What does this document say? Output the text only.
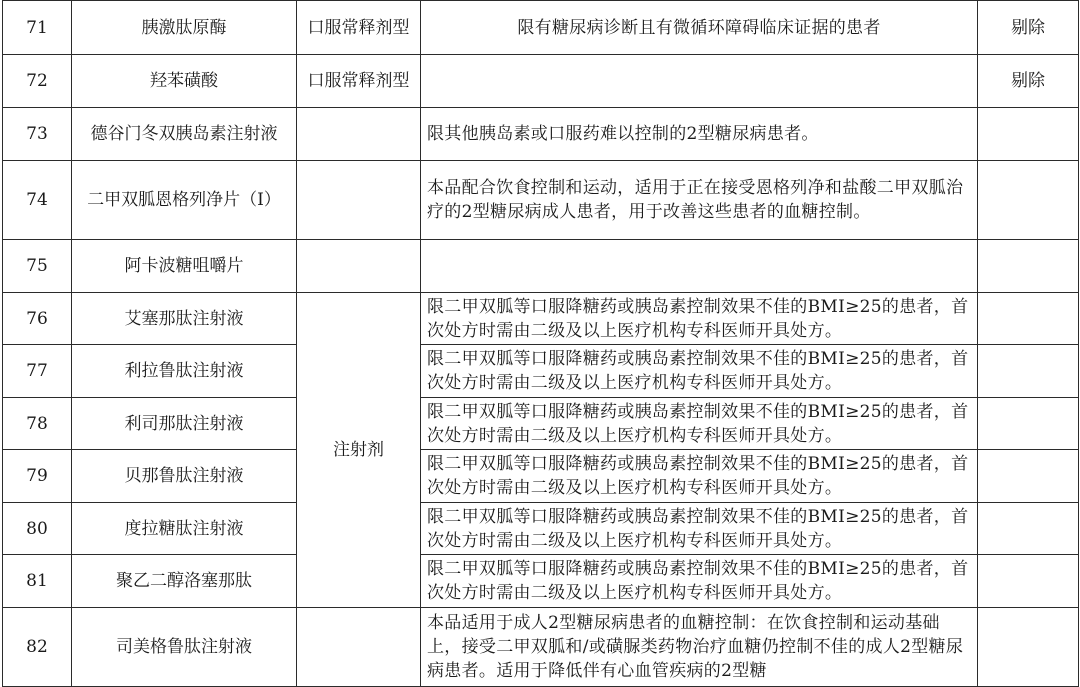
71	胰激肽原酶	口服常释剂型	限有糖尿病诊断且有微循环障碍临床证据的患者	剔除
72	羟苯磺酸	口服常释剂型		剔除
73	德谷门冬双胰岛素注射液		限其他胰岛素或口服药难以控制的2型糖尿病患者。	
74	二甲双胍恩格列净片（Ⅰ）		本品配合饮食控制和运动，适用于正在接受恩格列净和盐酸二甲双胍治疗的2型糖尿病成人患者，用于改善这些患者的血糖控制。	
75	阿卡波糖咀嚼片			
76	艾塞那肽注射液	注射剂	限二甲双胍等口服降糖药或胰岛素控制效果不佳的BMI≥25的患者，首次处方时需由二级及以上医疗机构专科医师开具处方。	
77	利拉鲁肽注射液		限二甲双胍等口服降糖药或胰岛素控制效果不佳的BMI≥25的患者，首次处方时需由二级及以上医疗机构专科医师开具处方。	
78	利司那肽注射液		限二甲双胍等口服降糖药或胰岛素控制效果不佳的BMI≥25的患者，首次处方时需由二级及以上医疗机构专科医师开具处方。	
79	贝那鲁肽注射液		限二甲双胍等口服降糖药或胰岛素控制效果不佳的BMI≥25的患者，首次处方时需由二级及以上医疗机构专科医师开具处方。	
80	度拉糖肽注射液		限二甲双胍等口服降糖药或胰岛素控制效果不佳的BMI≥25的患者，首次处方时需由二级及以上医疗机构专科医师开具处方。	
81	聚乙二醇洛塞那肽		限二甲双胍等口服降糖药或胰岛素控制效果不佳的BMI≥25的患者，首次处方时需由二级及以上医疗机构专科医师开具处方。	
82	司美格鲁肽注射液		本品适用于成人2型糖尿病患者的血糖控制：在饮食控制和运动基础上，接受二甲双胍和/或磺脲类药物治疗血糖仍控制不佳的成人2型糖尿病患者。适用于降低伴有心血管疾病的2型糖	
